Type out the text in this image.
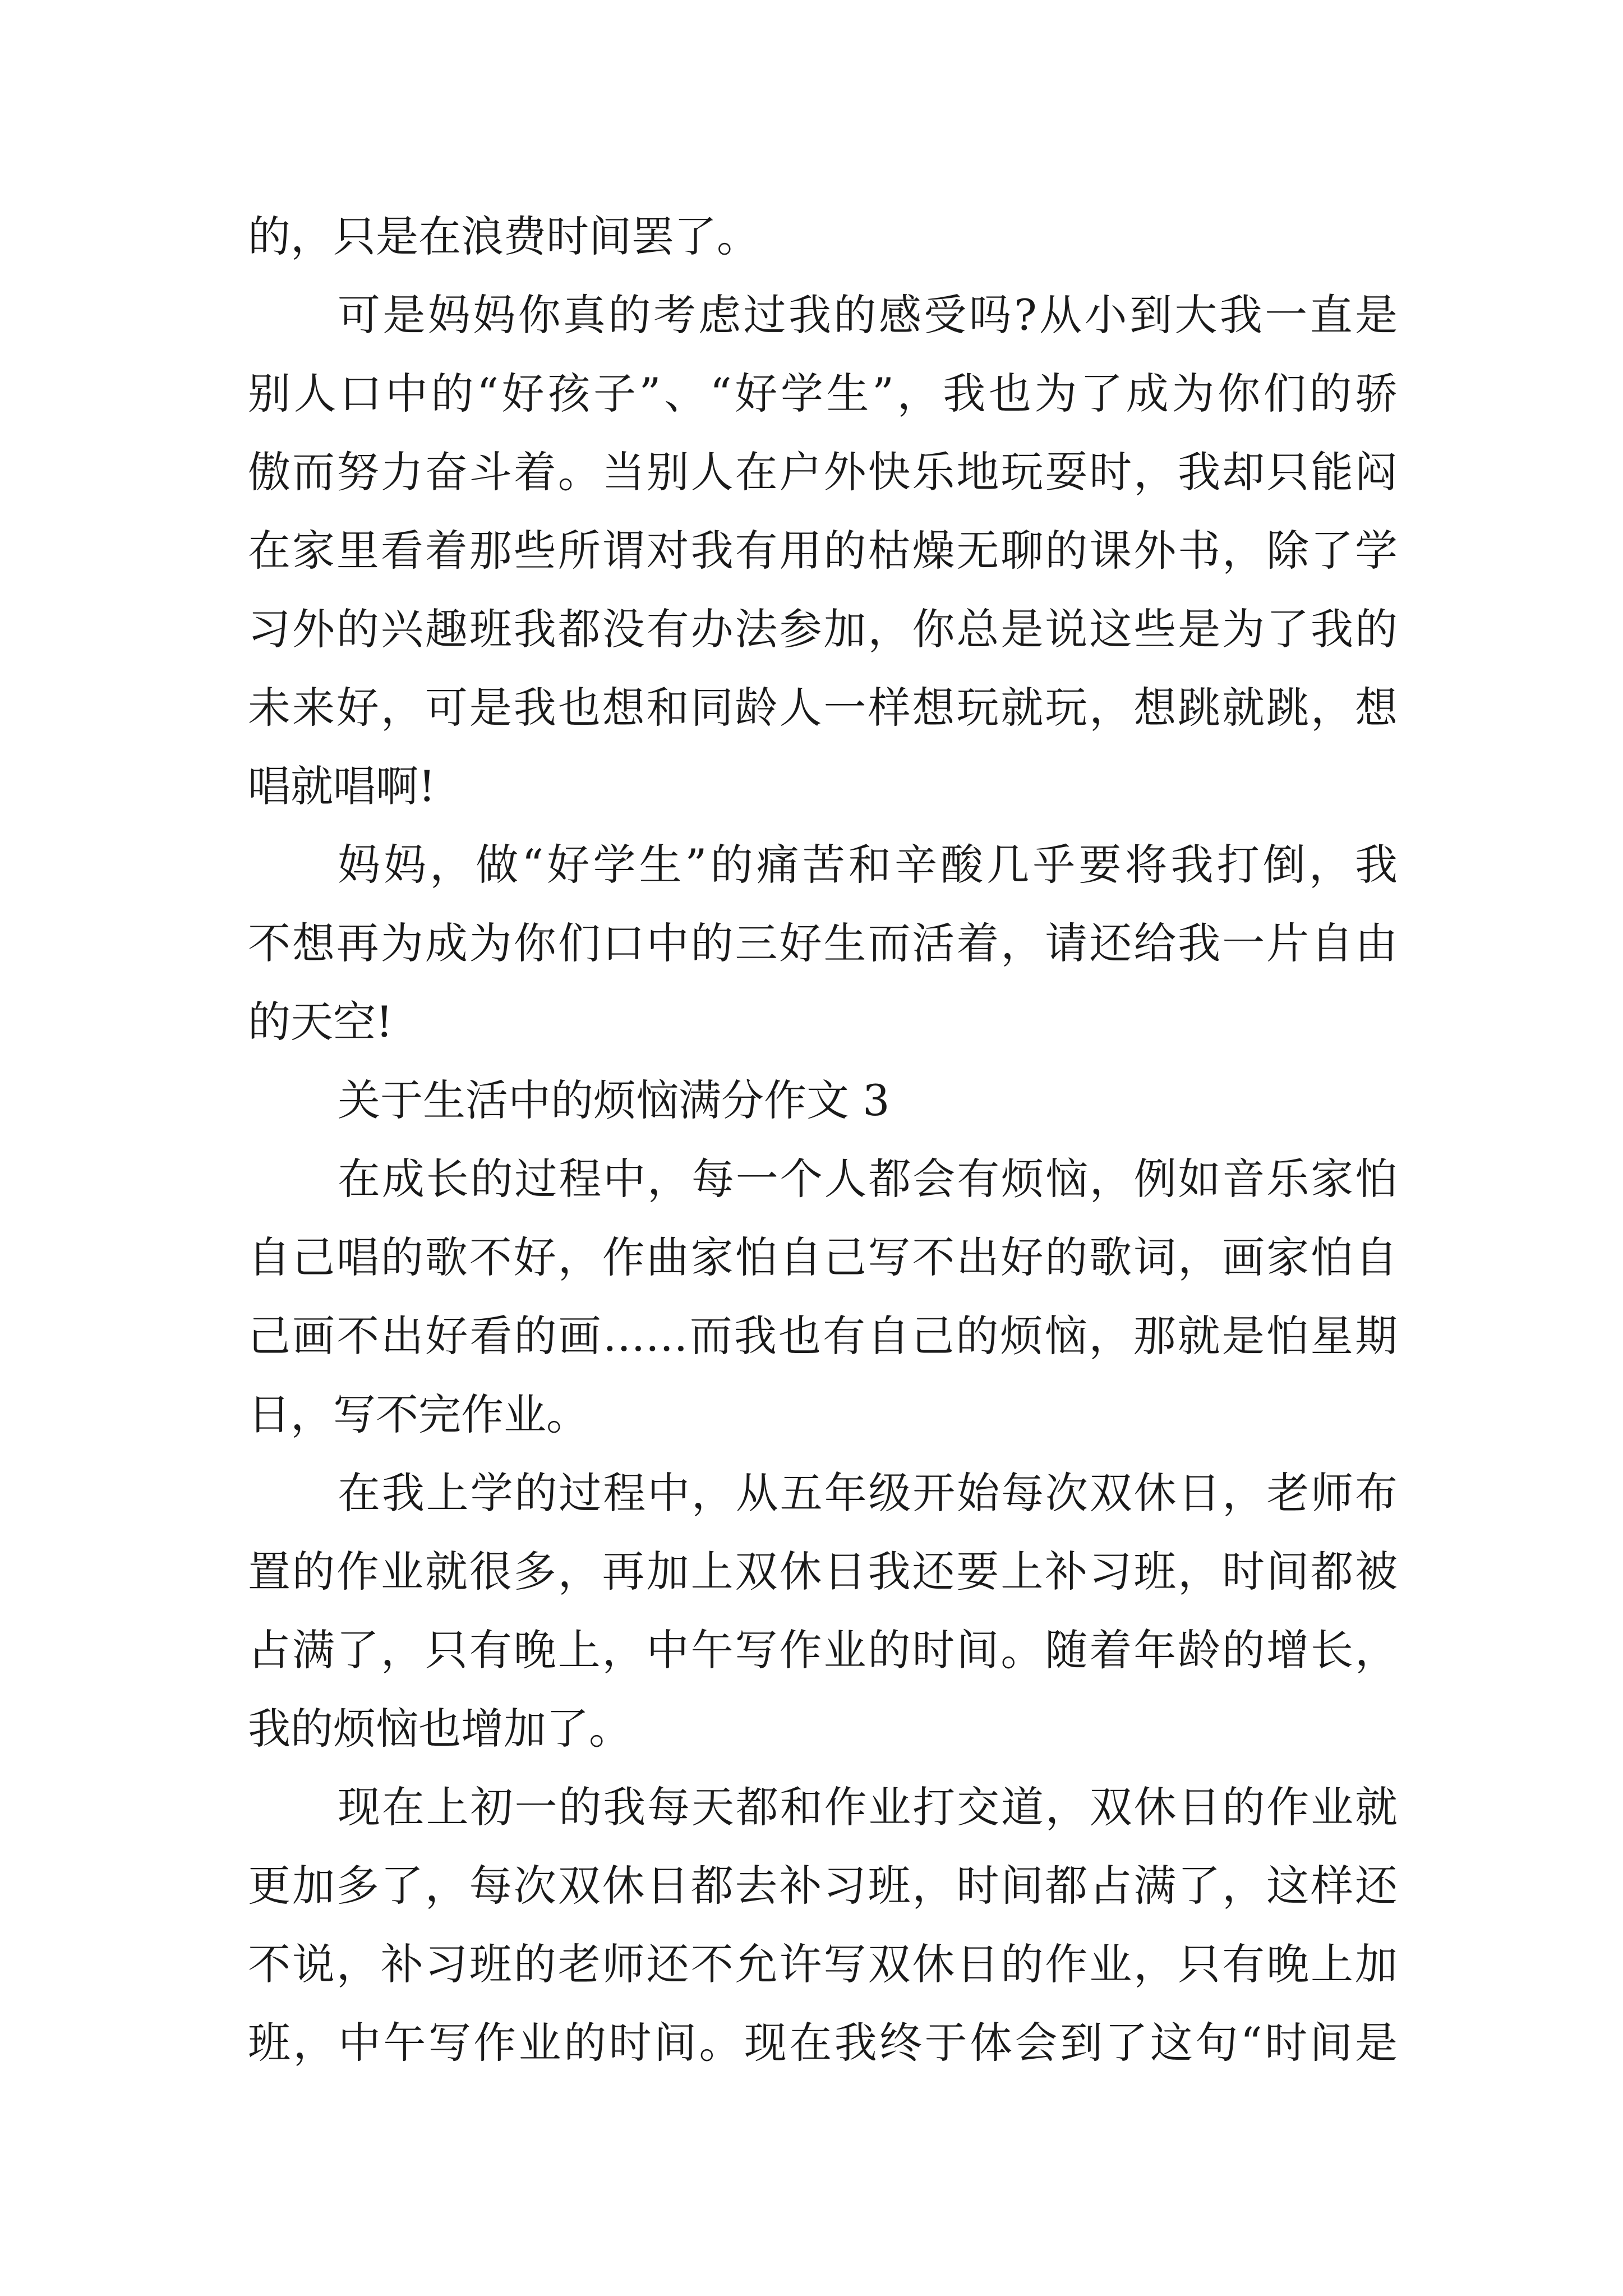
的，只是在浪费时间罢了。
可是妈妈你真的考虑过我的感受吗?从小到大我一直是
别人口中的“好孩子”、“好学生”，我也为了成为你们的骄
傲而努力奋斗着。当别人在户外快乐地玩耍时，我却只能闷
在家里看着那些所谓对我有用的枯燥无聊的课外书，除了学
习外的兴趣班我都没有办法参加，你总是说这些是为了我的
未来好，可是我也想和同龄人一样想玩就玩，想跳就跳，想
唱就唱啊!
妈妈，做“好学生”的痛苦和辛酸几乎要将我打倒，我
不想再为成为你们口中的三好生而活着，请还给我一片自由
的天空!
关于生活中的烦恼满分作文 3
在成长的过程中，每一个人都会有烦恼，例如音乐家怕
自己唱的歌不好，作曲家怕自己写不出好的歌词，画家怕自
己画不出好看的画……而我也有自己的烦恼，那就是怕星期
日，写不完作业。
在我上学的过程中，从五年级开始每次双休日，老师布
置的作业就很多，再加上双休日我还要上补习班，时间都被
占满了，只有晚上，中午写作业的时间。随着年龄的增长，
我的烦恼也增加了。
现在上初一的我每天都和作业打交道，双休日的作业就
更加多了，每次双休日都去补习班，时间都占满了，这样还
不说，补习班的老师还不允许写双休日的作业，只有晚上加
班，中午写作业的时间。现在我终于体会到了这句“时间是
